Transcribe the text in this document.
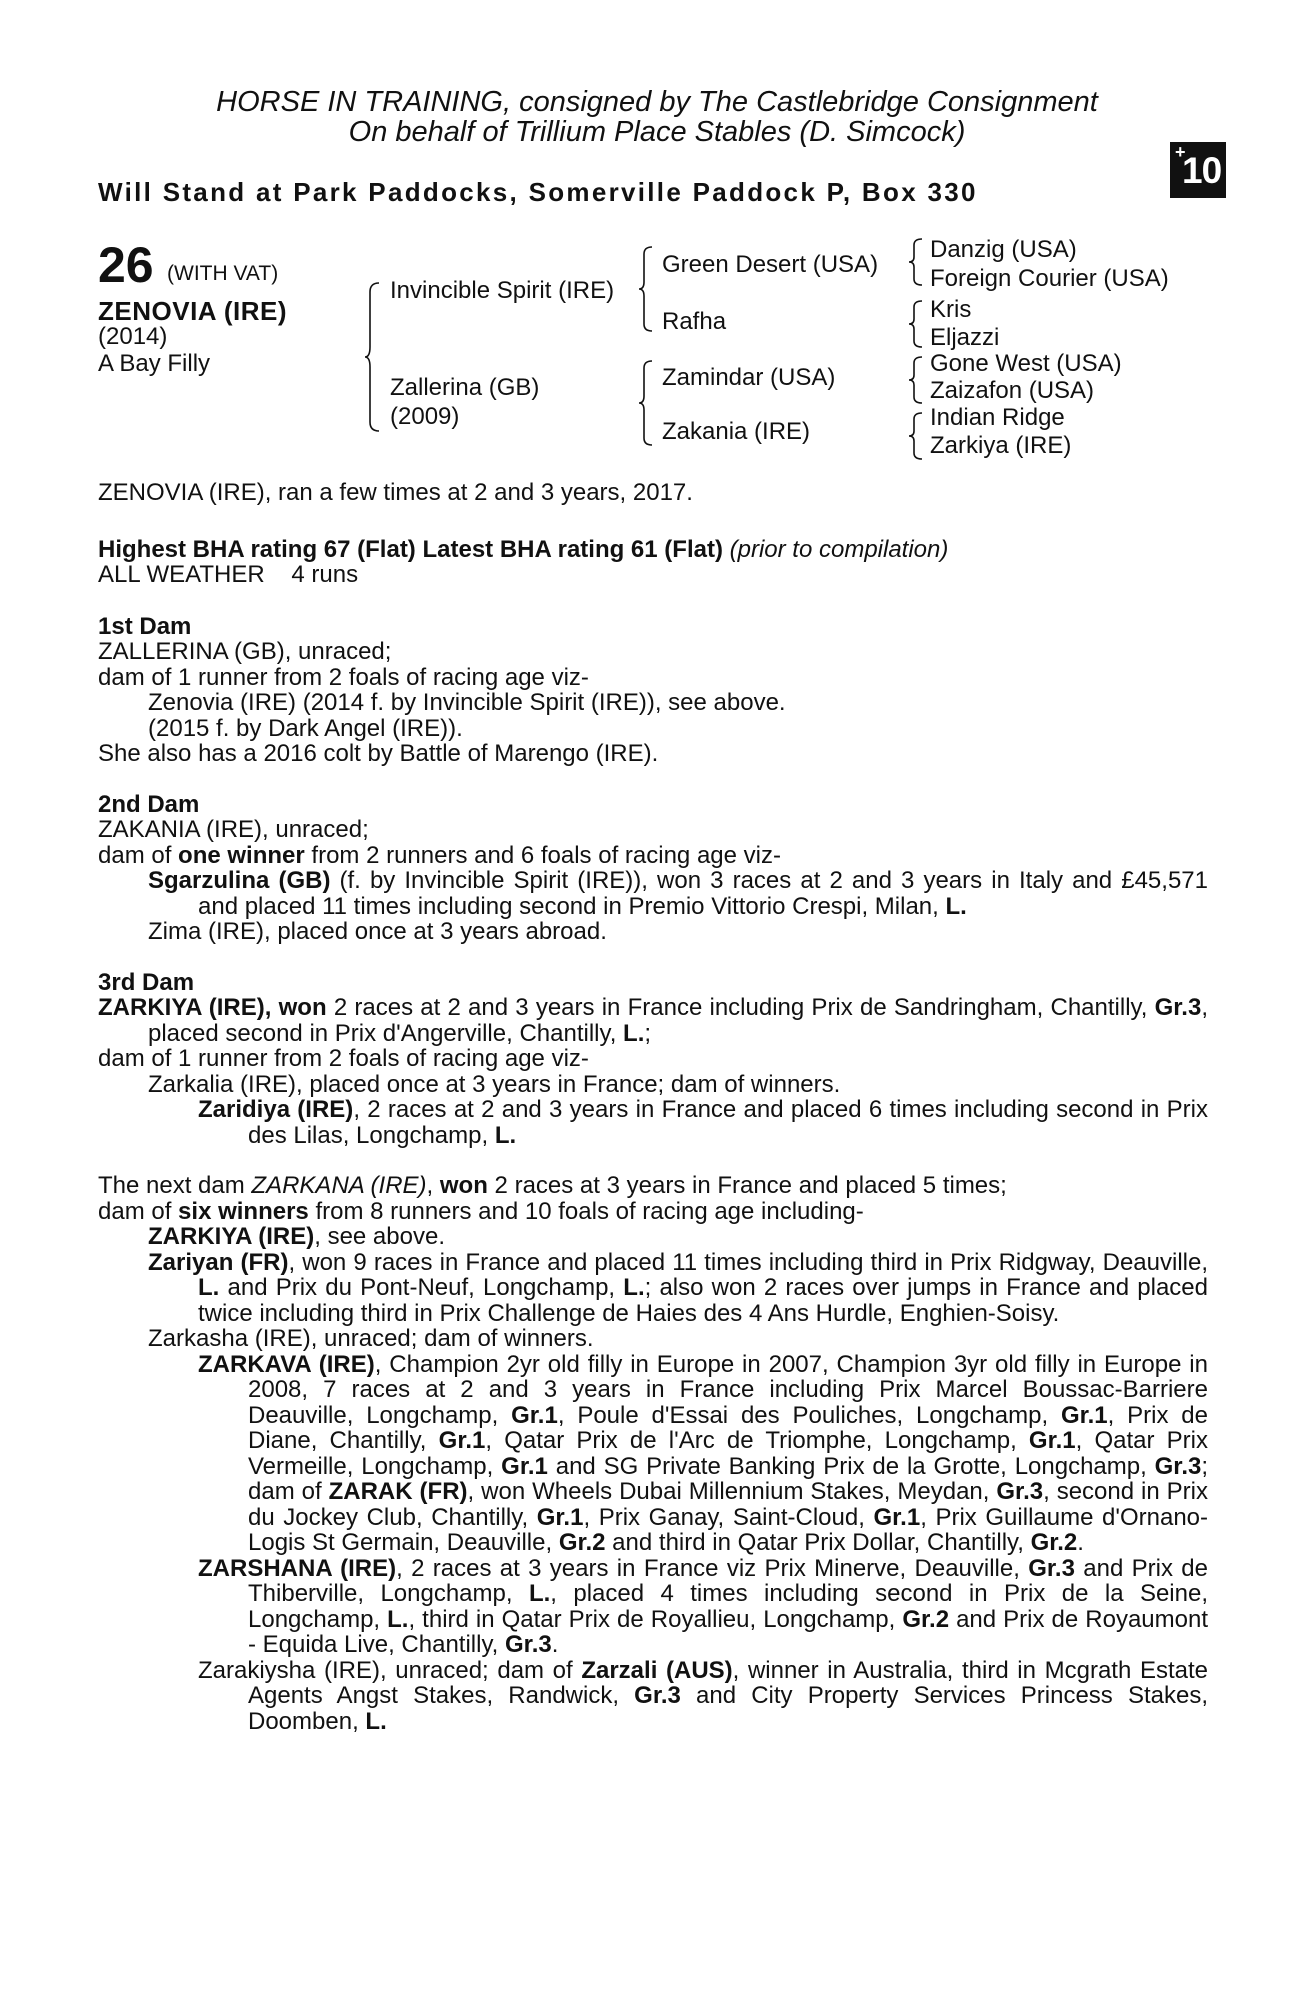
HORSE IN TRAINING, consigned by The Castlebridge Consignment
On behalf of Trillium Place Stables (D. Simcock)
Will Stand at Park Paddocks, Somerville Paddock P, Box 330
+
10
26 (WITH VAT)
ZENOVIA (IRE)
(2014)
A Bay Filly
Invincible Spirit (IRE)
Zallerina (GB)
(2009)
Green Desert (USA)
Rafha
Zamindar (USA)
Zakania (IRE)
Danzig (USA)
Foreign Courier (USA)
Kris
Eljazzi
Gone West (USA)
Zaizafon (USA)
Indian Ridge
Zarkiya (IRE)

ZENOVIA (IRE), ran a few times at 2 and 3 years, 2017.

Highest BHA rating 67 (Flat) Latest BHA rating 61 (Flat) (prior to compilation)

ALL WEATHER    4 runs

1st Dam

ZALLERINA (GB), unraced;

dam of 1 runner from 2 foals of racing age viz-

Zenovia (IRE) (2014 f. by Invincible Spirit (IRE)), see above.

(2015 f. by Dark Angel (IRE)).

She also has a 2016 colt by Battle of Marengo (IRE).

2nd Dam

ZAKANIA (IRE), unraced;

dam of one winner from 2 runners and 6 foals of racing age viz-

Sgarzulina (GB) (f. by Invincible Spirit (IRE)), won 3 races at 2 and 3 years in Italy and £45,571 and placed 11 times including second in Premio Vittorio Crespi, Milan, L.

Zima (IRE), placed once at 3 years abroad.

3rd Dam

ZARKIYA (IRE), won 2 races at 2 and 3 years in France including Prix de Sandringham, Chantilly, Gr.3, placed second in Prix d'Angerville, Chantilly, L.;

dam of 1 runner from 2 foals of racing age viz-

Zarkalia (IRE), placed once at 3 years in France; dam of winners.

Zaridiya (IRE), 2 races at 2 and 3 years in France and placed 6 times including second in Prix des Lilas, Longchamp, L.

The next dam ZARKANA (IRE), won 2 races at 3 years in France and placed 5 times;

dam of six winners from 8 runners and 10 foals of racing age including-

ZARKIYA (IRE), see above.

Zariyan (FR), won 9 races in France and placed 11 times including third in Prix Ridgway, Deauville, L. and Prix du Pont-Neuf, Longchamp, L.; also won 2 races over jumps in France and placed twice including third in Prix Challenge de Haies des 4 Ans Hurdle, Enghien-Soisy.

Zarkasha (IRE), unraced; dam of winners.

ZARKAVA (IRE), Champion 2yr old filly in Europe in 2007, Champion 3yr old filly in Europe in 2008, 7 races at 2 and 3 years in France including Prix Marcel Boussac-Barriere Deauville, Longchamp, Gr.1, Poule d'Essai des Pouliches, Longchamp, Gr.1, Prix de Diane, Chantilly, Gr.1, Qatar Prix de l'Arc de Triomphe, Longchamp, Gr.1, Qatar Prix Vermeille, Longchamp, Gr.1 and SG Private Banking Prix de la Grotte, Longchamp, Gr.3; dam of ZARAK (FR), won Wheels Dubai Millennium Stakes, Meydan, Gr.3, second in Prix du Jockey Club, Chantilly, Gr.1, Prix Ganay, Saint-Cloud, Gr.1, Prix Guillaume d'Ornano-Logis St Germain, Deauville, Gr.2 and third in Qatar Prix Dollar, Chantilly, Gr.2.

ZARSHANA (IRE), 2 races at 3 years in France viz Prix Minerve, Deauville, Gr.3 and Prix de Thiberville, Longchamp, L., placed 4 times including second in Prix de la Seine, Longchamp, L., third in Qatar Prix de Royallieu, Longchamp, Gr.2 and Prix de Royaumont - Equida Live, Chantilly, Gr.3.

Zarakiysha (IRE), unraced; dam of Zarzali (AUS), winner in Australia, third in Mcgrath Estate Agents Angst Stakes, Randwick, Gr.3 and City Property Services Princess Stakes, Doomben, L.
